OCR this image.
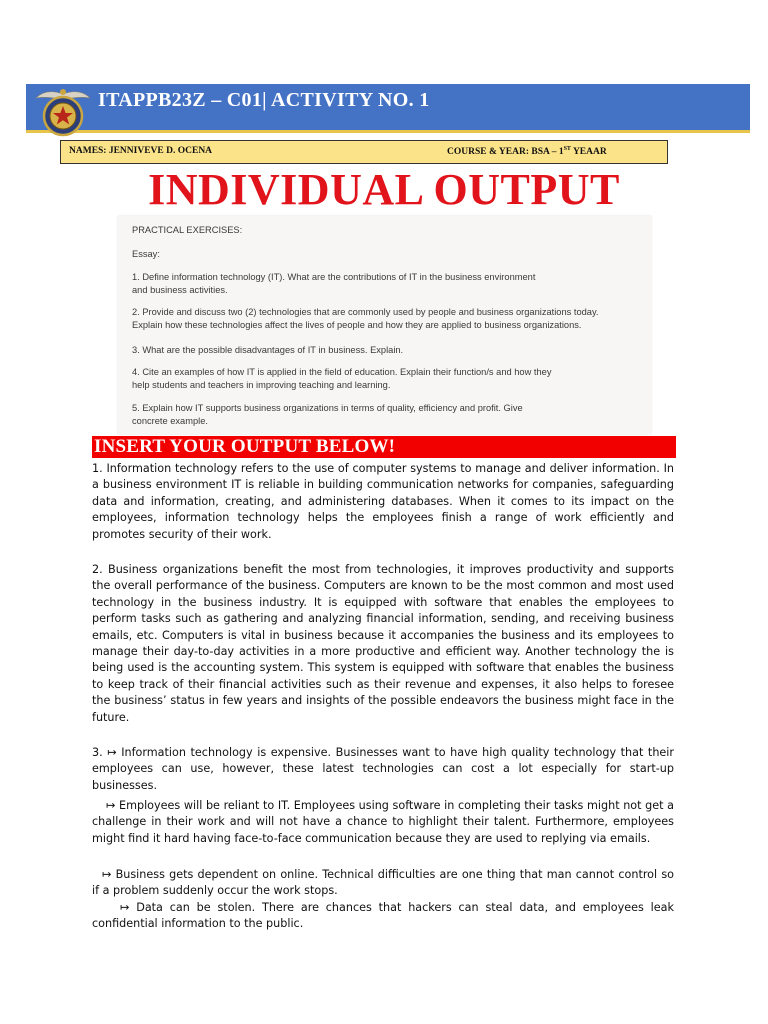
ITAPPB23Z – C01| ACTIVITY NO. 1
NAMES: JENNIVEVE D. OCENA	COURSE & YEAR: BSA – 1ST YEAAR
INDIVIDUAL OUTPUT
PRACTICAL EXERCISES:
Essay:
1. Define information technology (IT). What are the contributions of IT in the business environment
and business activities.
2. Provide and discuss two (2) technologies that are commonly used by people and business organizations today.
Explain how these technologies affect the lives of people and how they are applied to business organizations.
3. What are the possible disadvantages of IT in business. Explain.
4. Cite an examples of how IT is applied in the field of education. Explain their function/s and how they
help students and teachers in improving teaching and learning.
5. Explain how IT supports business organizations in terms of quality, efficiency and profit. Give
concrete example.
INSERT YOUR OUTPUT BELOW!
1. Information technology refers to the use of computer systems to manage and deliver information. In a business environment IT is reliable in building communication networks for companies, safeguarding data and information, creating, and administering databases. When it comes to its impact on the employees, information technology helps the employees finish a range of work efficiently and promotes security of their work.
2. Business organizations benefit the most from technologies, it improves productivity and supports the overall performance of the business. Computers are known to be the most common and most used technology in the business industry. It is equipped with software that enables the employees to perform tasks such as gathering and analyzing financial information, sending, and receiving business emails, etc. Computers is vital in business because it accompanies the business and its employees to manage their day-to-day activities in a more productive and efficient way. Another technology the is being used is the accounting system. This system is equipped with software that enables the business to keep track of their financial activities such as their revenue and expenses, it also helps to foresee the business’ status in few years and insights of the possible endeavors the business might face in the future.
3. ↦ Information technology is expensive. Businesses want to have high quality technology that their employees can use, however, these latest technologies can cost a lot especially for start-up businesses.
↦ Employees will be reliant to IT. Employees using software in completing their tasks might not get a challenge in their work and will not have a chance to highlight their talent. Furthermore, employees might find it hard having face-to-face communication because they are used to replying via emails.
↦ Business gets dependent on online. Technical difficulties are one thing that man cannot control so if a problem suddenly occur the work stops.
↦ Data can be stolen. There are chances that hackers can steal data, and employees leak confidential information to the public.
